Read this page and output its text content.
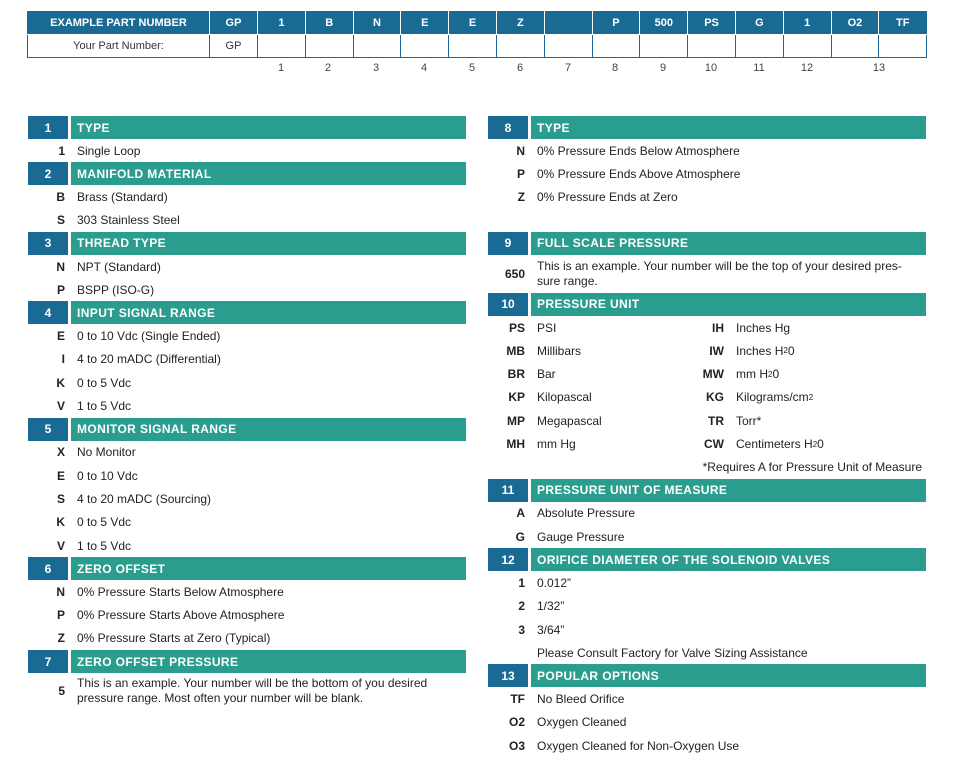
EXAMPLE PART NUMBER	GP	1	B	N	E	E	Z		P	500	PS	G	1	O2	TF
Your Part Number:	GP														
1	2	3	4	5	6	7	8	9	10	11	12	13
1	TYPE
1 Single Loop
2	MANIFOLD MATERIAL
B Brass (Standard)
S 303 Stainless Steel
3	THREAD TYPE
N NPT (Standard)
P BSPP (ISO-G)
4	INPUT SIGNAL RANGE
E 0 to 10 Vdc (Single Ended)
I 4 to 20 mADC (Differential)
K 0 to 5 Vdc
V 1 to 5 Vdc
5	MONITOR SIGNAL RANGE
X No Monitor
E 0 to 10 Vdc
S 4 to 20 mADC (Sourcing)
K 0 to 5 Vdc
V 1 to 5 Vdc
6	ZERO OFFSET
N 0% Pressure Starts Below Atmosphere
P 0% Pressure Starts Above Atmosphere
Z 0% Pressure Starts at Zero (Typical)
7	ZERO OFFSET PRESSURE
5
This is an example. Your number will be the bottom of you desired pressure range. Most often your number will be blank.
8	TYPE
N 0% Pressure Ends Below Atmosphere
P 0% Pressure Ends Above Atmosphere
Z 0% Pressure Ends at Zero
9	FULL SCALE PRESSURE
650
This is an example. Your number will be the top of your desired pres-sure range.
10	PRESSURE UNIT
PS PSI	IH Inches Hg
MB Millibars	IW Inches H 2 0
BR Bar	MW mm H 2 0
KP Kilopascal	KG Kilograms/cm 2
MP Megapascal	TR Torr*
MH mm Hg	CW Centimeters H 2 0
*Requires A for Pressure Unit of Measure
11	PRESSURE UNIT OF MEASURE
A Absolute Pressure
G Gauge Pressure
12	ORIFICE DIAMETER OF THE SOLENOID VALVES
1 0.012”
2 1/32”
3 3/64”
Please Consult Factory for Valve Sizing Assistance
13	POPULAR OPTIONS
TF No Bleed Orifice
O2 Oxygen Cleaned
O3 Oxygen Cleaned for Non-Oxygen Use
